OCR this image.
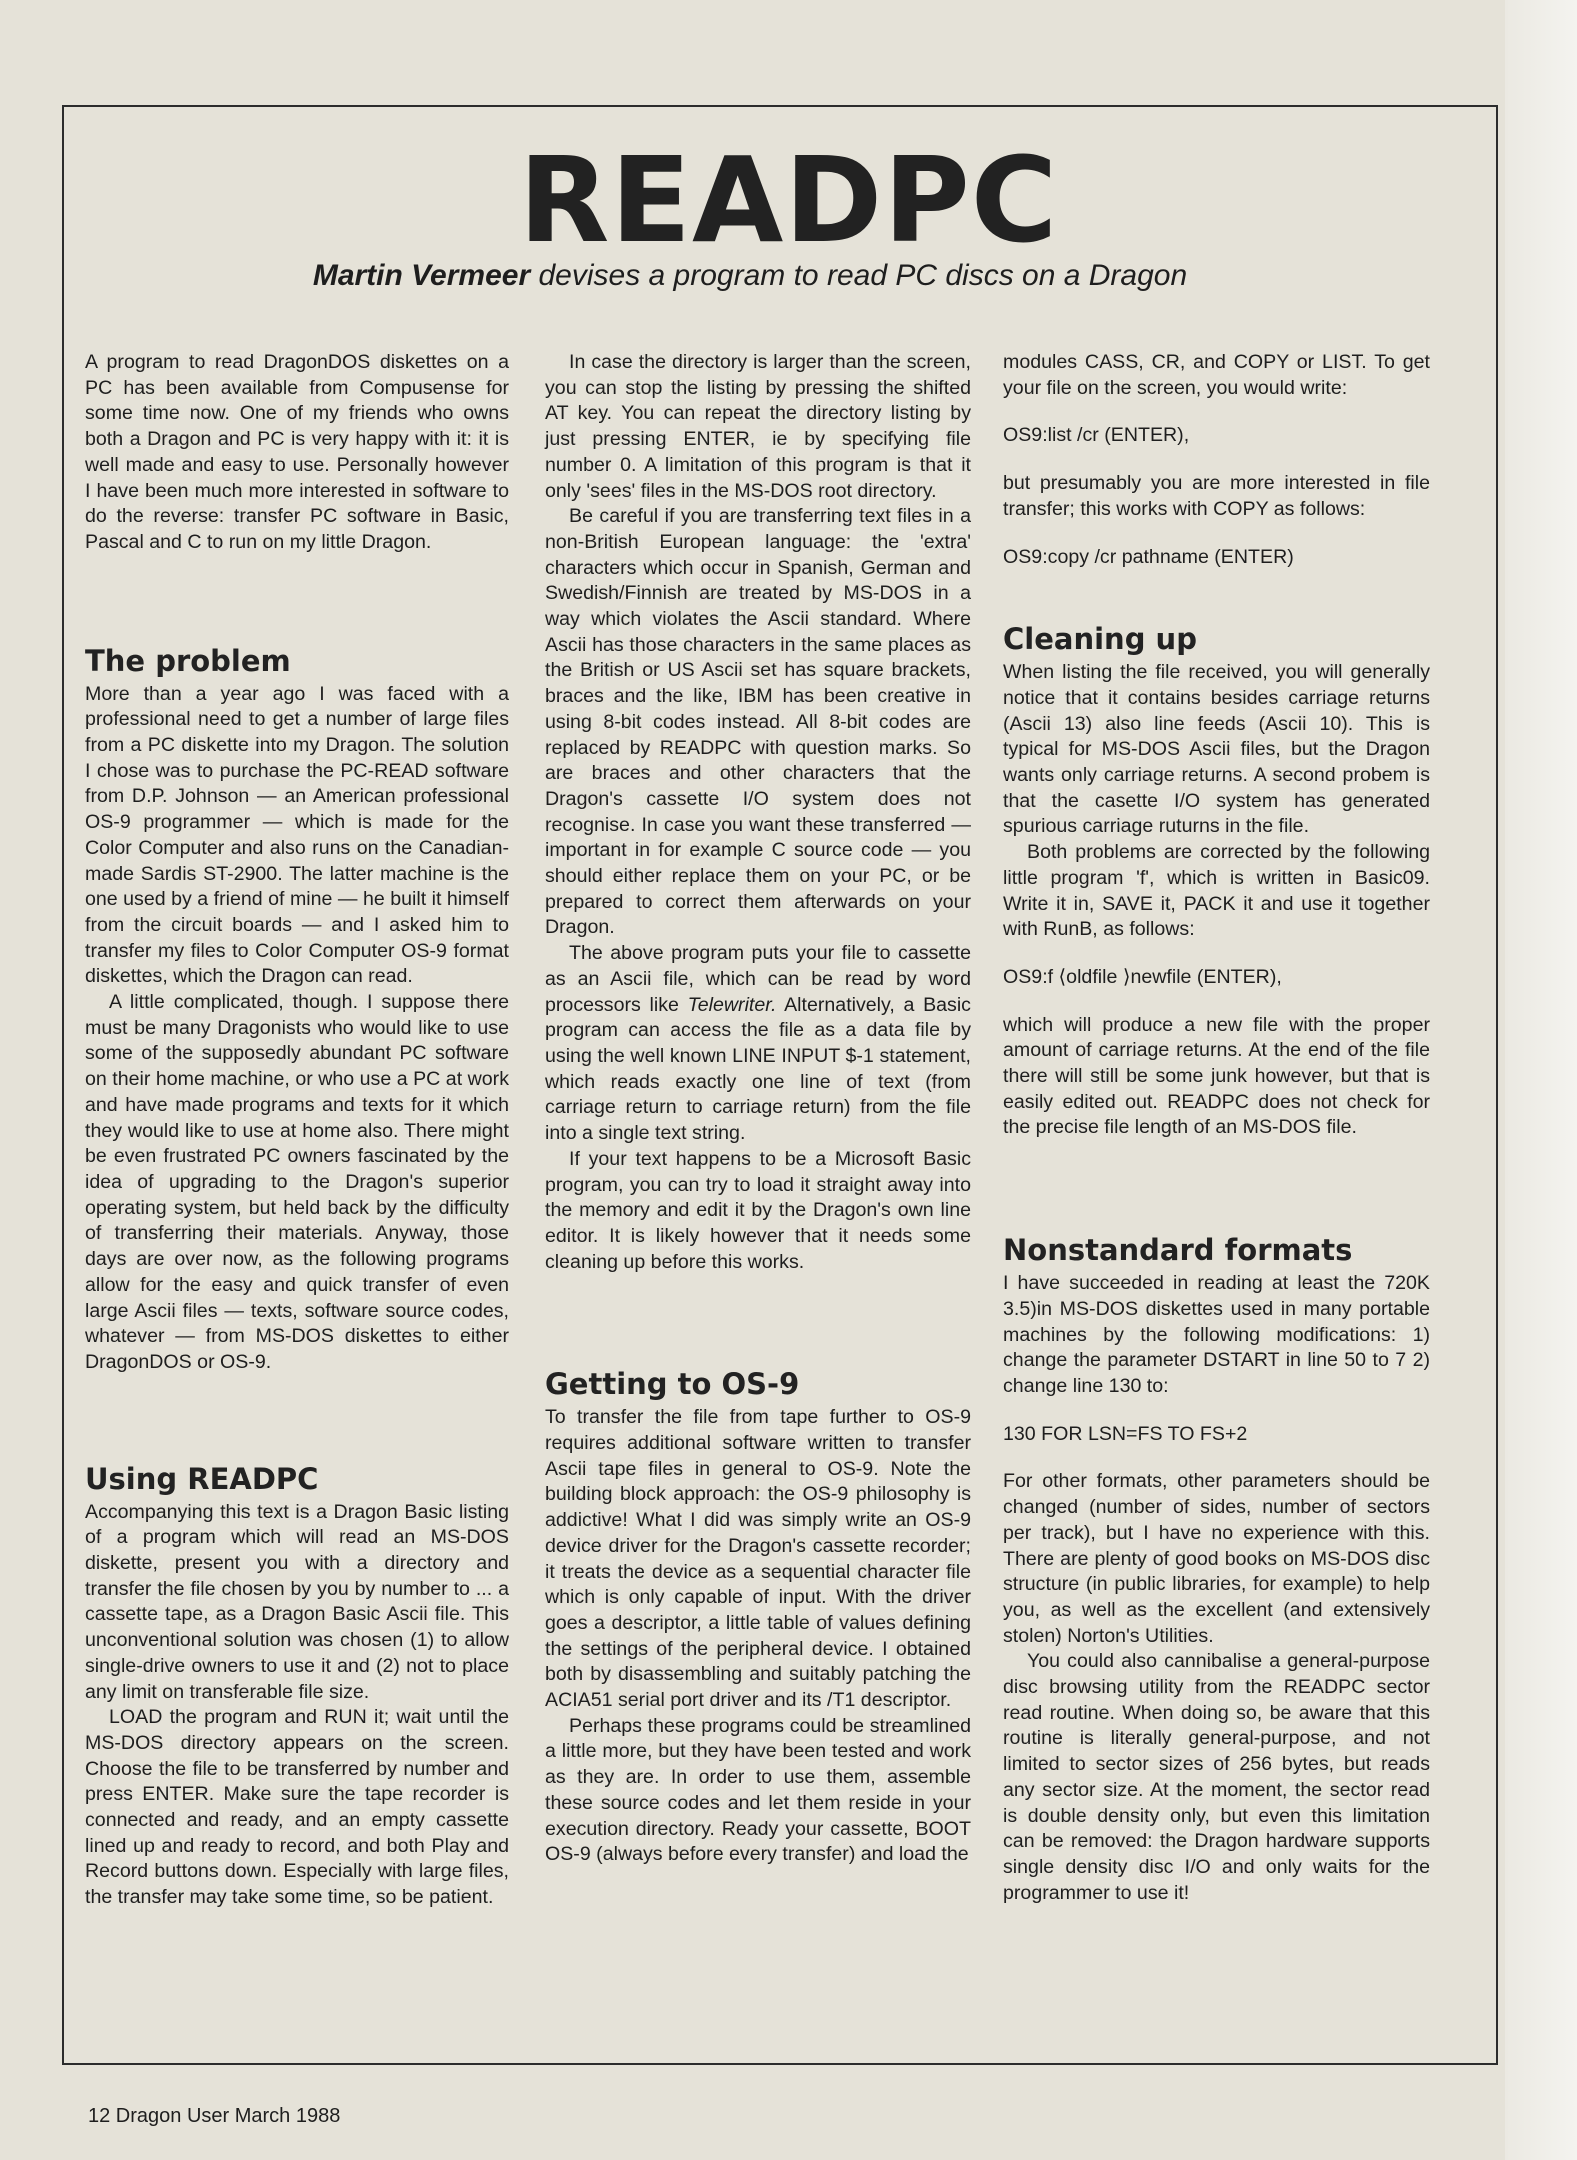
READPC

Martin Vermeer devises a program to read PC discs on a Dragon

A program to read DragonDOS diskettes on a PC has been available from Compusense for some time now. One of my friends who owns both a Dragon and PC is very happy with it: it is well made and easy to use. Personally however I have been much more interested in software to do the reverse: transfer PC software in Basic, Pascal and C to run on my little Dragon.

The problem

More than a year ago I was faced with a professional need to get a number of large files from a PC diskette into my Dragon. The solution I chose was to purchase the PC-READ software from D.P. Johnson — an American professional OS-9 programmer — which is made for the Color Computer and also runs on the Canadian-made Sardis ST-2900. The latter machine is the one used by a friend of mine — he built it himself from the circuit boards — and I asked him to transfer my files to Color Computer OS-9 format diskettes, which the Dragon can read.

A little complicated, though. I suppose there must be many Dragonists who would like to use some of the supposedly abundant PC software on their home machine, or who use a PC at work and have made programs and texts for it which they would like to use at home also. There might be even frustrated PC owners fascinated by the idea of upgrading to the Dragon's superior operating system, but held back by the difficulty of transferring their materials. Anyway, those days are over now, as the following programs allow for the easy and quick transfer of even large Ascii files — texts, software source codes, whatever — from MS-DOS diskettes to either DragonDOS or OS-9.

Using READPC

Accompanying this text is a Dragon Basic listing of a program which will read an MS-DOS diskette, present you with a directory and transfer the file chosen by you by number to ... a cassette tape, as a Dragon Basic Ascii file. This unconventional solution was chosen (1) to allow single-drive owners to use it and (2) not to place any limit on transferable file size.

LOAD the program and RUN it; wait until the MS-DOS directory appears on the screen. Choose the file to be transferred by number and press ENTER. Make sure the tape recorder is connected and ready, and an empty cassette lined up and ready to record, and both Play and Record buttons down. Especially with large files, the transfer may take some time, so be patient.

In case the directory is larger than the screen, you can stop the listing by pressing the shifted AT key. You can repeat the directory listing by just pressing ENTER, ie by specifying file number 0. A limitation of this program is that it only 'sees' files in the MS-DOS root directory.

Be careful if you are transferring text files in a non-British European language: the 'extra' characters which occur in Spanish, German and Swedish/Finnish are treated by MS-DOS in a way which violates the Ascii standard. Where Ascii has those characters in the same places as the British or US Ascii set has square brackets, braces and the like, IBM has been creative in using 8-bit codes instead. All 8-bit codes are replaced by READPC with question marks. So are braces and other characters that the Dragon's cassette I/O system does not recognise. In case you want these transferred — important in for example C source code — you should either replace them on your PC, or be prepared to correct them afterwards on your Dragon.

The above program puts your file to cassette as an Ascii file, which can be read by word processors like Telewriter. Alternatively, a Basic program can access the file as a data file by using the well known LINE INPUT $-1 statement, which reads exactly one line of text (from carriage return to carriage return) from the file into a single text string.

If your text happens to be a Microsoft Basic program, you can try to load it straight away into the memory and edit it by the Dragon's own line editor. It is likely however that it needs some cleaning up before this works.

Getting to OS-9

To transfer the file from tape further to OS-9 requires additional software written to transfer Ascii tape files in general to OS-9. Note the building block approach: the OS-9 philosophy is addictive! What I did was simply write an OS-9 device driver for the Dragon's cassette recorder; it treats the device as a sequential character file which is only capable of input. With the driver goes a descriptor, a little table of values defining the settings of the peripheral device. I obtained both by disassembling and suitably patching the ACIA51 serial port driver and its /T1 descriptor.

Perhaps these programs could be streamlined a little more, but they have been tested and work as they are. In order to use them, assemble these source codes and let them reside in your execution directory. Ready your cassette, BOOT OS-9 (always before every transfer) and load the

modules CASS, CR, and COPY or LIST. To get your file on the screen, you would write:

OS9:list /cr (ENTER),

but presumably you are more interested in file transfer; this works with COPY as follows:

OS9:copy /cr pathname (ENTER)

Cleaning up

When listing the file received, you will generally notice that it contains besides carriage returns (Ascii 13) also line feeds (Ascii 10). This is typical for MS-DOS Ascii files, but the Dragon wants only carriage returns. A second probem is that the casette I/O system has generated spurious carriage ruturns in the file.

Both problems are corrected by the following little program 'f', which is written in Basic09. Write it in, SAVE it, PACK it and use it together with RunB, as follows:

OS9:f ⟨oldfile ⟩newfile (ENTER),

which will produce a new file with the proper amount of carriage returns. At the end of the file there will still be some junk however, but that is easily edited out. READPC does not check for the precise file length of an MS-DOS file.

Nonstandard formats

I have succeeded in reading at least the 720K 3.5)in MS-DOS diskettes used in many portable machines by the following modifications: 1) change the parameter DSTART in line 50 to 7 2) change line 130 to:

130 FOR LSN=FS TO FS+2

For other formats, other parameters should be changed (number of sides, number of sectors per track), but I have no experience with this. There are plenty of good books on MS-DOS disc structure (in public libraries, for example) to help you, as well as the excellent (and extensively stolen) Norton's Utilities.

You could also cannibalise a general-purpose disc browsing utility from the READPC sector read routine. When doing so, be aware that this routine is literally general-purpose, and not limited to sector sizes of 256 bytes, but reads any sector size. At the moment, the sector read is double density only, but even this limitation can be removed: the Dragon hardware supports single density disc I/O and only waits for the programmer to use it!

12 Dragon User March 1988
